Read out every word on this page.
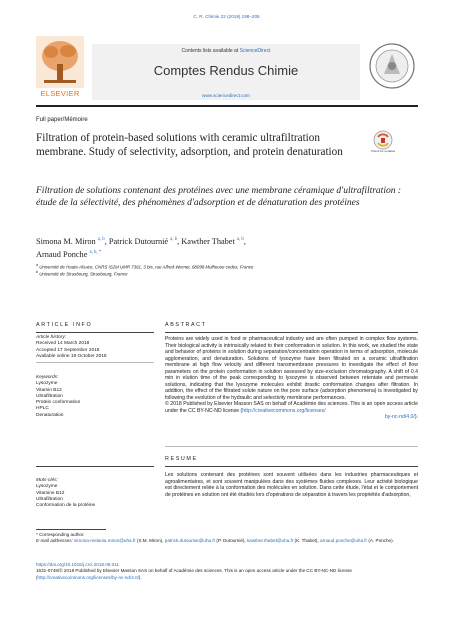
C. R. Chimie 22 (2019) 198–205
ELSEVIER
Contents lists available at ScienceDirect
Comptes Rendus Chimie
www.sciencedirect.com
Full paper/Mémoire
Filtration of protein-based solutions with ceramic ultrafiltration membrane. Study of selectivity, adsorption, and protein denaturation	Check for updates
Filtration de solutions contenant des protéines avec une membrane céramique d'ultrafiltration : étude de la sélectivité, des phénomènes d'adsorption et de dénaturation des protéines
Simona M. Miron $^{a, b}$, Patrick Dutournié $^{a, b}$, Kawther Thabet $^{a, b}$,
Arnaud Ponche $^{a, b, *}$
$^a$ Université de Haute-Alsace, CNRS IS2M UMR 7361, 3 bis, rue Alfred-Werner, 68098 Mulhouse cedex, France
$^b$ Université de Strasbourg, Strasbourg, France
ARTICLE INFO	ABSTRACT
Article history:
Received 14 March 2018
Accepted 17 September 2018
Available online 19 October 2018
Keywords:
Lysozyme
Vitamin B12
Ultrafiltration
Protein conformation
HPLC
Denaturation
Proteins are widely used in food or pharmaceutical industry and are often pumped in complex flow systems. Their biological activity is intrinsically related to their conformation in solution. In this work, we studied the state and behavior of proteins in solution during separation/concentration operation in terms of adsorption, molecule agglomeration, and denaturation. Solutions of lysozyme have been filtrated on a ceramic ultrafiltration membrane at high flow velocity and different transmembrane pressures to investigate the effect of flow parameters on the protein conformation in solution assessed by size-exclusion chromatography. A shift of 0.4 min in elution time of the peak corresponding to lysozyme is observed between retentate and permeate solutions, indicating that the lysozyme molecules exhibit drastic conformation changes after filtration. In addition, the effect of the filtrated solute nature on the pore surface (adsorption phenomena) is investigated by following the evolution of the hydraulic and selectivity membrane performances.
© 2018 Published by Elsevier Masson SAS on behalf of Académie des sciences. This is an open access article under the CC BY-NC-ND license (http://creativecommons.org/licenses/

by-nc-nd/4.0/).
RESUME
Mots-clés:
Lysozyme
Vitamine B12
Ultrafiltration
Conformation de la protéine
Les solutions contenant des protéines sont souvent utilisées dans les industries pharmaceutiques et agroalimentaires, et sont souvent manipulées dans des systèmes fluides complexes. Leur activité biologique est directement reliée à la conformation des molécules en solution. Dans cette étude, l'état et le comportement de protéines en solution ont été étudiés lors d'opérations de séparation à travers les propriétés d'adsorption,
* Corresponding author.
E-mail addresses: simona-melania.miron@uha.fr (S.M. Miron), patrick.dutournie@uha.fr (P. Dutournié), kawther.thabet@uha.fr (K. Thabet), arnaud.ponche@uha.fr (A. Ponche).
https://doi.org/10.1016/j.crci.2018.09.011
1631-0748/© 2018 Published by Elsevier Masson SAS on behalf of Académie des sciences. This is an open access article under the CC BY-NC-ND license
(http://creativecommons.org/licenses/by-nc-nd/4.0/).
